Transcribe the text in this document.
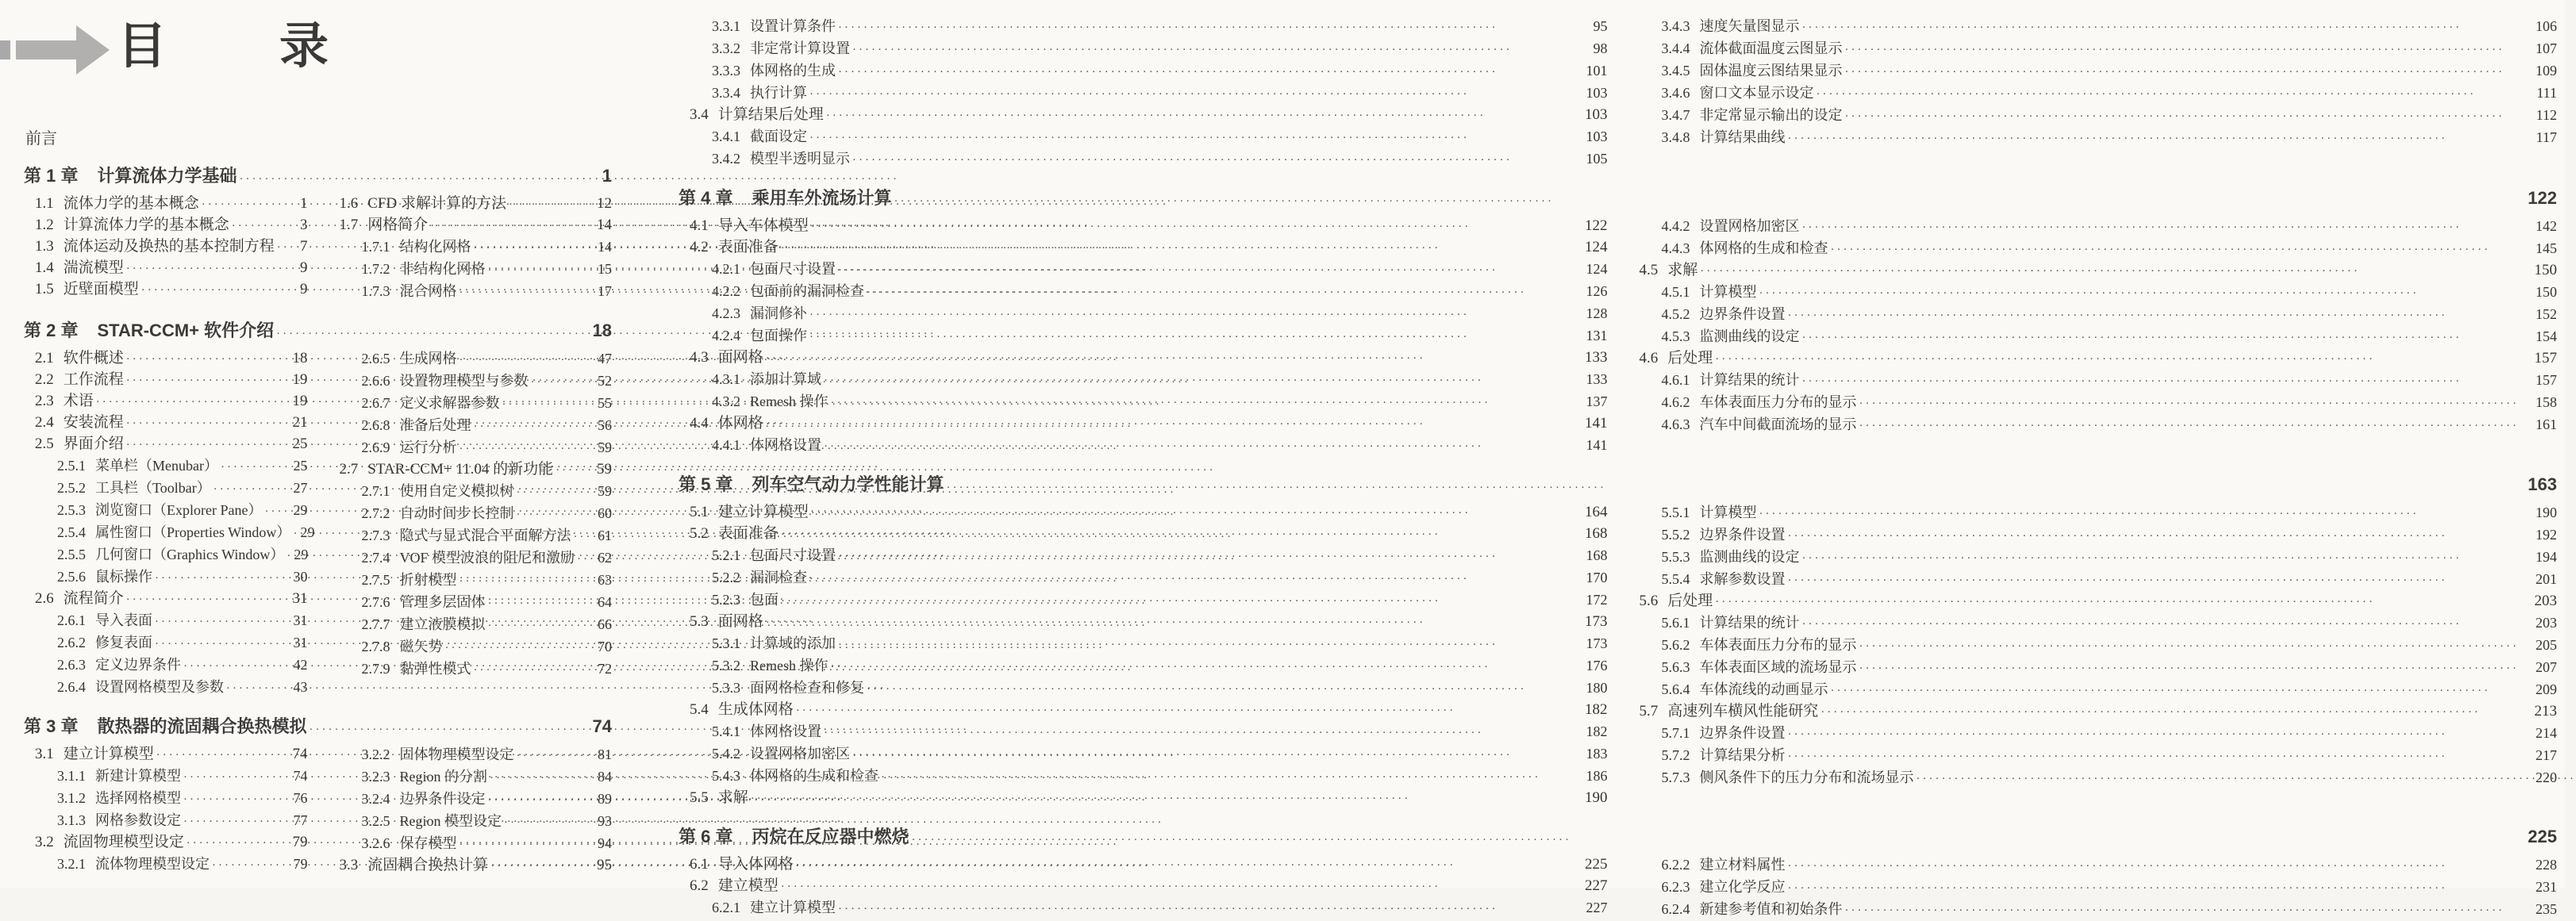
目　　录
前言
第 1 章 计算流体力学基础 ·····	1
1.1 流体力学的基本概念 ·····	1
1.2 计算流体力学的基本概念 ·····	3
1.3 流体运动及换热的基本控制方程 ····· 7
1.4 湍流模型 ·····	9
1.5 近壁面模型 ·····	9
1.6 CFD 求解计算的方法 ·····	12
1.7 网格简介 ·····	14
1.7.1 结构化网格 ·····	14
1.7.2 非结构化网格 ·····	15
1.7.3 混合网格 ·····	17
第 2 章 STAR-CCM+ 软件介绍 ·····	18
2.1 软件概述 ·····	18
2.2 工作流程 ·····	19
2.3 术语 ·····	19
2.4 安装流程 ·····	21
2.5 界面介绍 ·····	25
2.5.1 菜单栏（Menubar） ·····	25
2.5.2 工具栏（Toolbar） ·····	27
2.5.3 浏览窗口（Explorer Pane） ····· 29
2.5.4 属性窗口（Properties Window） ····· 29
2.5.5 几何窗口（Graphics Window） ····· 29
2.5.6 鼠标操作 ·····	30
2.6 流程简介 ·····	31
2.6.1 导入表面 ·····	31
2.6.2 修复表面 ·····	31
2.6.3 定义边界条件 ·····	42
2.6.4 设置网格模型及参数 ·····	43
2.6.5 生成网格 ·····	47
2.6.6 设置物理模型与参数 ·····	52
2.6.7 定义求解器参数 ·····	55
2.6.8 准备后处理 ·····	56
2.6.9 运行分析 ·····	59
2.7 STAR-CCM+ 11.04 的新功能 ·····	59
2.7.1 使用自定义模拟树 ·····	59
2.7.2 自动时间步长控制 ·····	60
2.7.3 隐式与显式混合平面解方法 ····· 61
2.7.4 VOF 模型波浪的阻尼和激励 ····· 62
2.7.5 折射模型 ·····	63
2.7.6 管理多层固体 ·····	64
2.7.7 建立液膜模拟 ·····	66
2.7.8 磁矢势 ·····	70
2.7.9 黏弹性模式 ·····	72
第 3 章 散热器的流固耦合换热模拟 ·····	74
3.1 建立计算模型 ·····	74
3.1.1 新建计算模型 ·····	74
3.1.2 选择网格模型 ·····	76
3.1.3 网格参数设定 ·····	77
3.2 流固物理模型设定 ·····	79
3.2.1 流体物理模型设定 ·····	79
3.2.2 固体物理模型设定 ·····	81
3.2.3 Region 的分割 ·····	84
3.2.4 边界条件设定 ·····	89
3.2.5 Region 模型设定 ·····	93
3.2.6 保存模型 ·····	94
3.3 流固耦合换热计算 ·····	95
3.3.1 设置计算条件 ·····	95
3.3.2 非定常计算设置 ·····	98
3.3.3 体网格的生成 ·····	101
3.3.4 执行计算 ·····	103
3.4 计算结果后处理 ·····	103
3.4.1 截面设定 ·····	103
3.4.2 模型半透明显示 ·····	105
3.4.3 速度矢量图显示 ·····	106
3.4.4 流体截面温度云图显示 ·····	107
3.4.5 固体温度云图结果显示 ·····	109
3.4.6 窗口文本显示设定 ·····	111
3.4.7 非定常显示输出的设定 ·····	112
3.4.8 计算结果曲线 ·····	117
第 4 章 乘用车外流场计算 ·····	122
4.1 导入车体模型 ·····	122
4.2 表面准备 ·····	124
4.2.1 包面尺寸设置 ·····	124
4.2.2 包面前的漏洞检查 ·····	126
4.2.3 漏洞修补 ·····	128
4.2.4 包面操作 ·····	131
4.3 面网格 ·····	133
4.3.1 添加计算域 ·····	133
4.3.2 Remesh 操作 ·····	137
4.4 体网格 ·····	141
4.4.1 体网格设置 ·····	141
4.4.2 设置网格加密区 ·····	142
4.4.3 体网格的生成和检查 ·····	145
4.5 求解 ·····	150
4.5.1 计算模型 ·····	150
4.5.2 边界条件设置 ·····	152
4.5.3 监测曲线的设定 ·····	154
4.6 后处理 ·····	157
4.6.1 计算结果的统计 ·····	157
4.6.2 车体表面压力分布的显示 ·····	158
4.6.3 汽车中间截面流场的显示 ·····	161
第 5 章 列车空气动力学性能计算 ·····	163
5.1 建立计算模型 ·····	164
5.2 表面准备 ·····	168
5.2.1 包面尺寸设置 ·····	168
5.2.2 漏洞检查 ·····	170
5.2.3 包面 ·····	172
5.3 面网格 ·····	173
5.3.1 计算域的添加 ·····	173
5.3.2 Remesh 操作 ·····	176
5.3.3 面网格检查和修复 ·····	180
5.4 生成体网格 ·····	182
5.4.1 体网格设置 ·····	182
5.4.2 设置网格加密区 ·····	183
5.4.3 体网格的生成和检查 ·····	186
5.5 求解 ·····	190
5.5.1 计算模型 ·····	190
5.5.2 边界条件设置 ·····	192
5.5.3 监测曲线的设定 ·····	194
5.5.4 求解参数设置 ·····	201
5.6 后处理 ·····	203
5.6.1 计算结果的统计 ·····	203
5.6.2 车体表面压力分布的显示 ·····	205
5.6.3 车体表面区域的流场显示 ·····	207
5.6.4 车体流线的动画显示 ·····	209
5.7 高速列车横风性能研究 ·····	213
5.7.1 边界条件设置 ·····	214
5.7.2 计算结果分析 ·····	217
5.7.3 侧风条件下的压力分布和流场显示 ·····	220
第 6 章 丙烷在反应器中燃烧 ·····	225
6.1 导入体网格 ·····	225
6.2 建立模型 ·····	227
6.2.1 建立计算模型 ·····	227
6.2.2 建立材料属性 ·····	228
6.2.3 建立化学反应 ·····	231
6.2.4 新建参考值和初始条件 ·····	235
